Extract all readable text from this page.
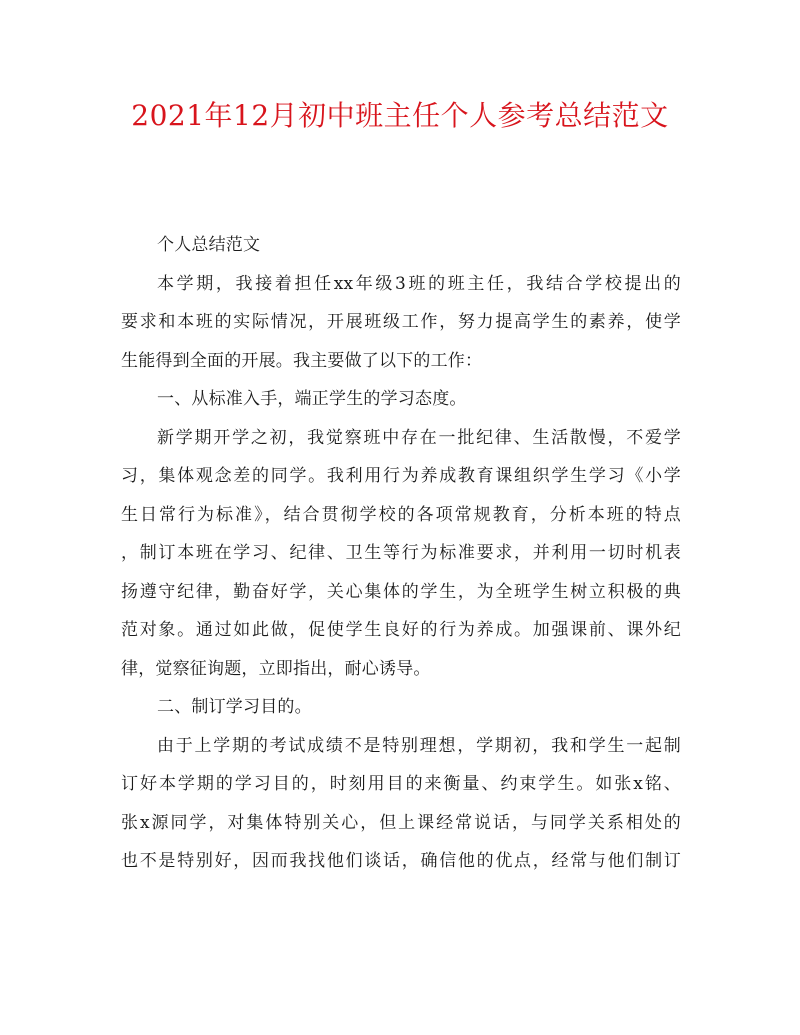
2021年12月初中班主任个人参考总结范文
个人总结范文
本学期，我接着担任xx年级3班的班主任，我结合学校提出的
要求和本班的实际情况，开展班级工作，努力提高学生的素养，使学
生能得到全面的开展。我主要做了以下的工作：
一、从标准入手，端正学生的学习态度。
新学期开学之初，我觉察班中存在一批纪律、生活散慢，不爱学
习，集体观念差的同学。我利用行为养成教育课组织学生学习《小学
生日常行为标准》，结合贯彻学校的各项常规教育，分析本班的特点
，制订本班在学习、纪律、卫生等行为标准要求，并利用一切时机表
扬遵守纪律，勤奋好学，关心集体的学生，为全班学生树立积极的典
范对象。通过如此做，促使学生良好的行为养成。加强课前、课外纪
律，觉察征询题，立即指出，耐心诱导。
二、制订学习目的。
由于上学期的考试成绩不是特别理想，学期初，我和学生一起制
订好本学期的学习目的，时刻用目的来衡量、约束学生。如张x铭、
张x源同学，对集体特别关心，但上课经常说话，与同学关系相处的
也不是特别好，因而我找他们谈话，确信他的优点，经常与他们制订
